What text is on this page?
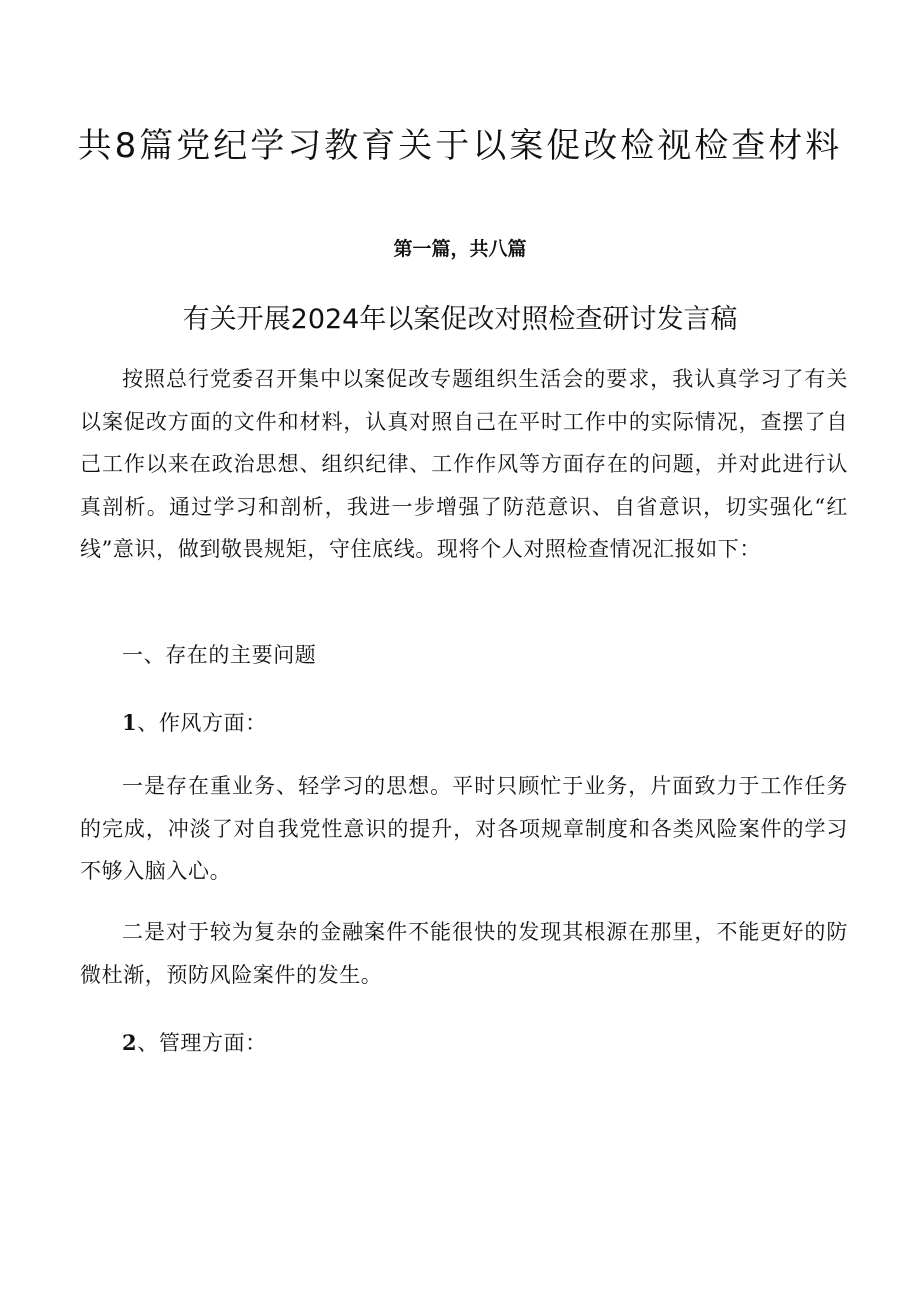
共8篇党纪学习教育关于以案促改检视检查材料

第一篇，共八篇

有关开展2024年以案促改对照检查研讨发言稿

按照总行党委召开集中以案促改专题组织生活会的要求，我认真学习了有关以案促改方面的文件和材料，认真对照自己在平时工作中的实际情况，查摆了自己工作以来在政治思想、组织纪律、工作作风等方面存在的问题，并对此进行认真剖析。通过学习和剖析，我进一步增强了防范意识、自省意识，切实强化“红线”意识，做到敬畏规矩，守住底线。现将个人对照检查情况汇报如下：

一、存在的主要问题

1、作风方面：

一是存在重业务、轻学习的思想。平时只顾忙于业务，片面致力于工作任务的完成，冲淡了对自我党性意识的提升，对各项规章制度和各类风险案件的学习不够入脑入心。

二是对于较为复杂的金融案件不能很快的发现其根源在那里，不能更好的防微杜渐，预防风险案件的发生。

2、管理方面：
